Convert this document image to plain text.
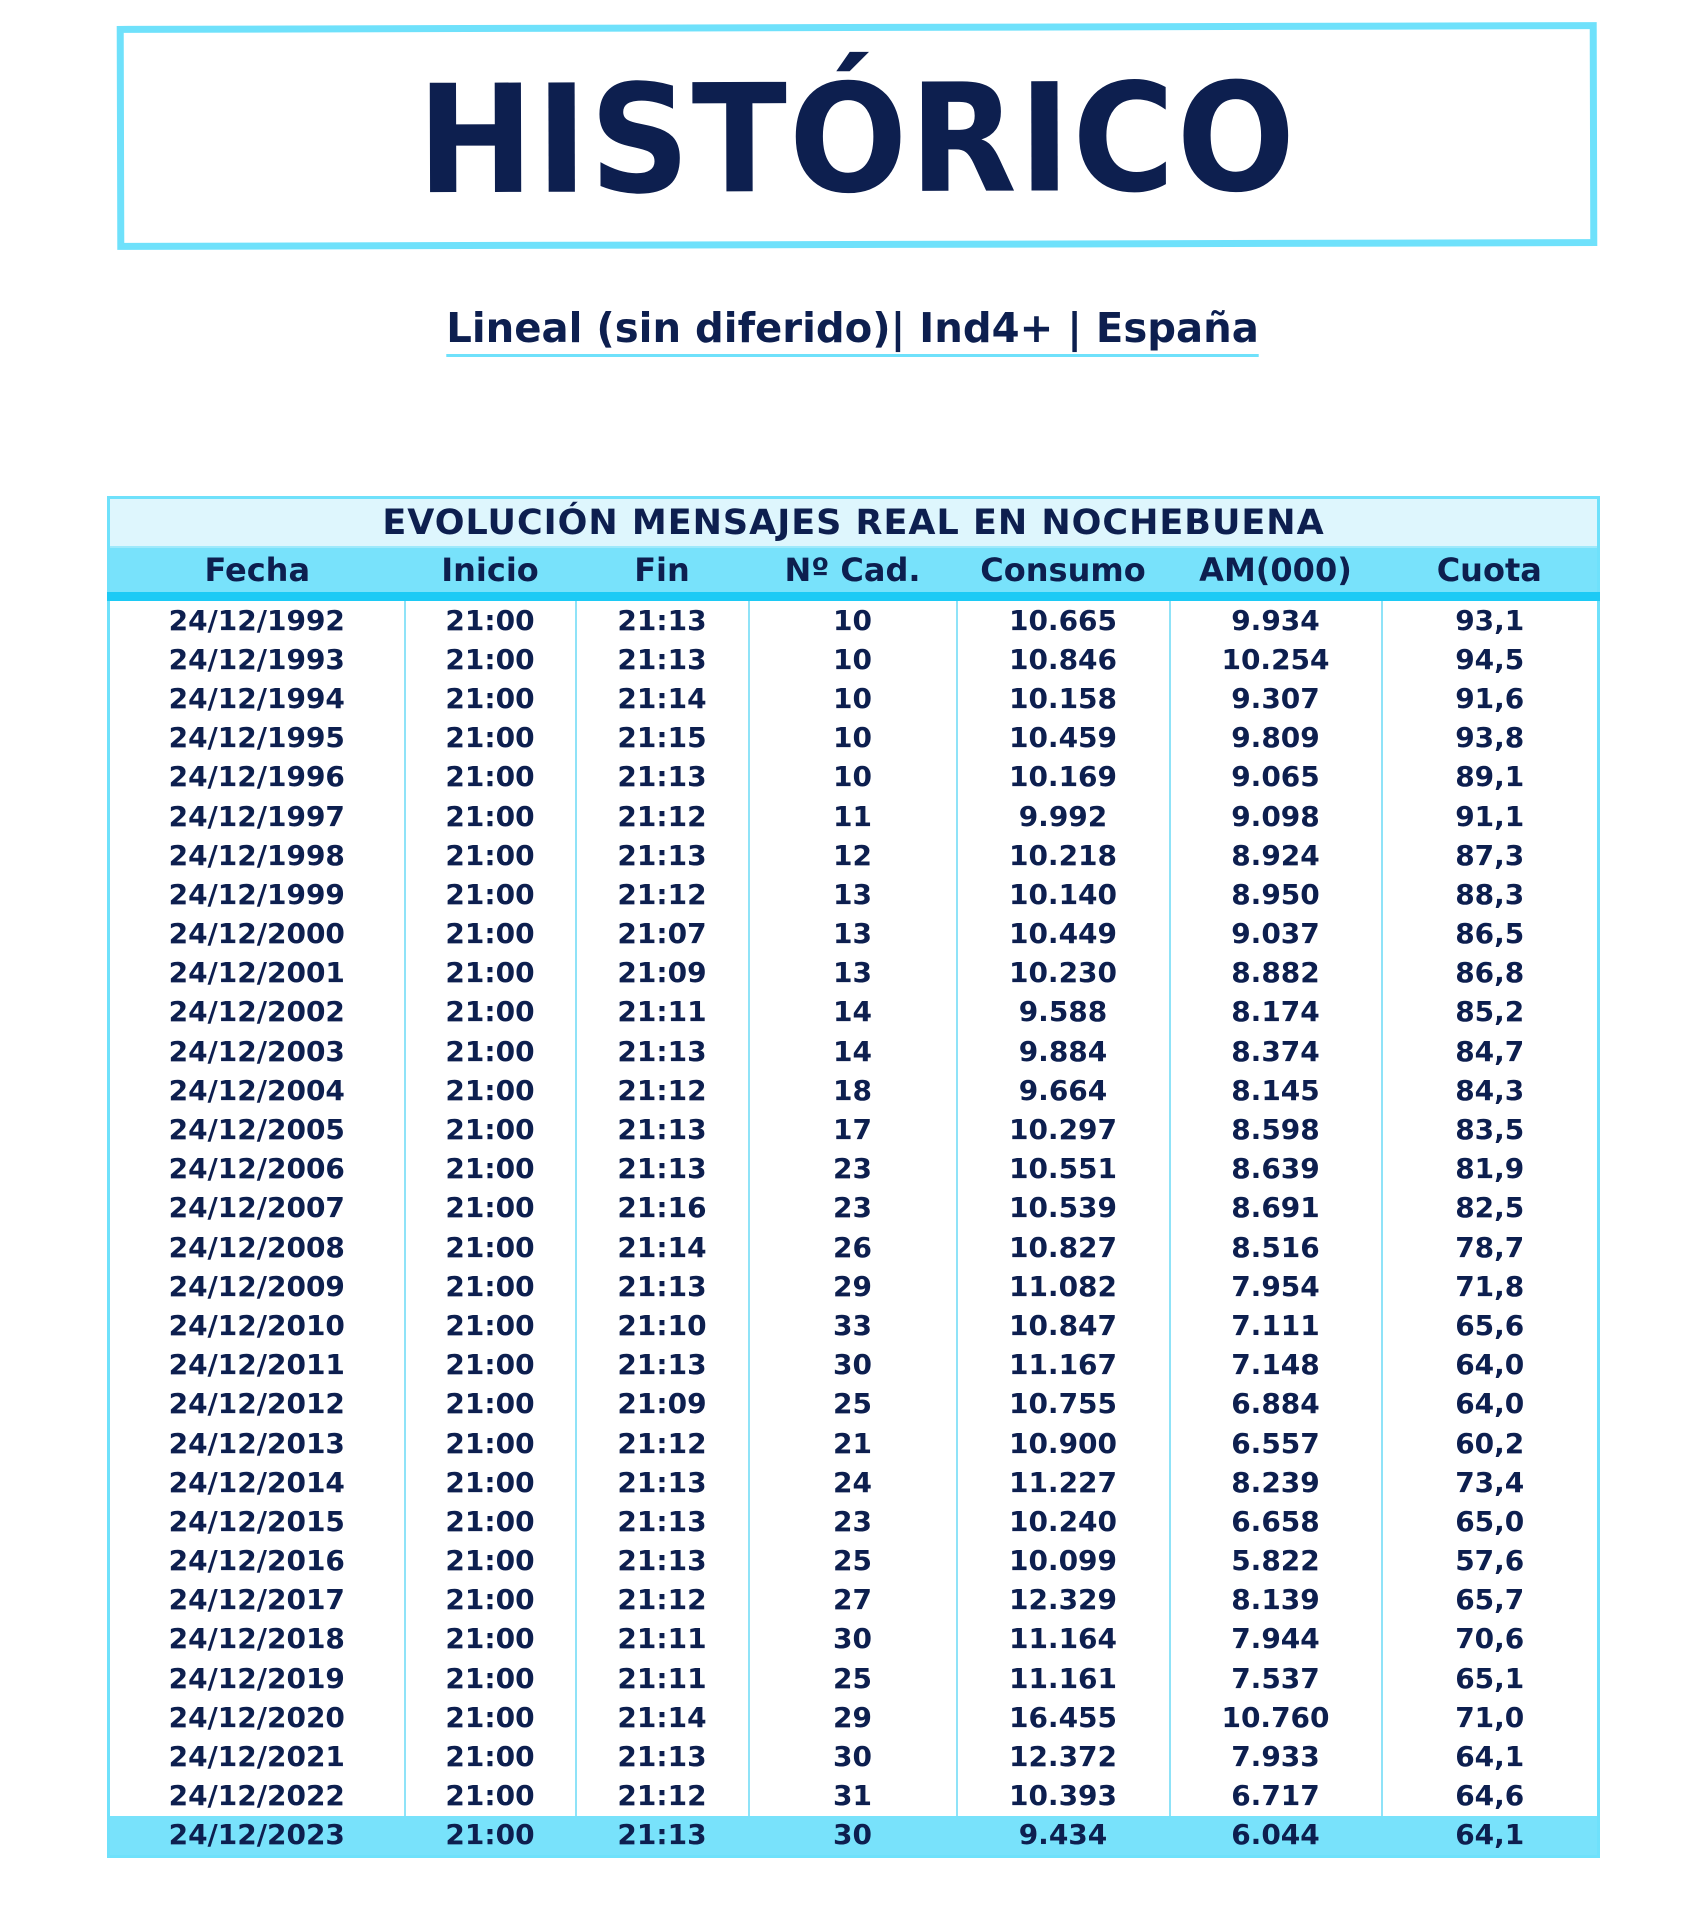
HISTÓRICO
Lineal (sin diferido)| Ind4+ | España
EVOLUCIÓN MENSAJES REAL EN NOCHEBUENA						
Fecha	Inicio	Fin	Nº Cad.	Consumo	AM(000)	Cuota
24/12/1992	21:00	21:13	10	10.665	9.934	93,1
24/12/1993	21:00	21:13	10	10.846	10.254	94,5
24/12/1994	21:00	21:14	10	10.158	9.307	91,6
24/12/1995	21:00	21:15	10	10.459	9.809	93,8
24/12/1996	21:00	21:13	10	10.169	9.065	89,1
24/12/1997	21:00	21:12	11	9.992	9.098	91,1
24/12/1998	21:00	21:13	12	10.218	8.924	87,3
24/12/1999	21:00	21:12	13	10.140	8.950	88,3
24/12/2000	21:00	21:07	13	10.449	9.037	86,5
24/12/2001	21:00	21:09	13	10.230	8.882	86,8
24/12/2002	21:00	21:11	14	9.588	8.174	85,2
24/12/2003	21:00	21:13	14	9.884	8.374	84,7
24/12/2004	21:00	21:12	18	9.664	8.145	84,3
24/12/2005	21:00	21:13	17	10.297	8.598	83,5
24/12/2006	21:00	21:13	23	10.551	8.639	81,9
24/12/2007	21:00	21:16	23	10.539	8.691	82,5
24/12/2008	21:00	21:14	26	10.827	8.516	78,7
24/12/2009	21:00	21:13	29	11.082	7.954	71,8
24/12/2010	21:00	21:10	33	10.847	7.111	65,6
24/12/2011	21:00	21:13	30	11.167	7.148	64,0
24/12/2012	21:00	21:09	25	10.755	6.884	64,0
24/12/2013	21:00	21:12	21	10.900	6.557	60,2
24/12/2014	21:00	21:13	24	11.227	8.239	73,4
24/12/2015	21:00	21:13	23	10.240	6.658	65,0
24/12/2016	21:00	21:13	25	10.099	5.822	57,6
24/12/2017	21:00	21:12	27	12.329	8.139	65,7
24/12/2018	21:00	21:11	30	11.164	7.944	70,6
24/12/2019	21:00	21:11	25	11.161	7.537	65,1
24/12/2020	21:00	21:14	29	16.455	10.760	71,0
24/12/2021	21:00	21:13	30	12.372	7.933	64,1
24/12/2022	21:00	21:12	31	10.393	6.717	64,6
24/12/2023	21:00	21:13	30	9.434	6.044	64,1
